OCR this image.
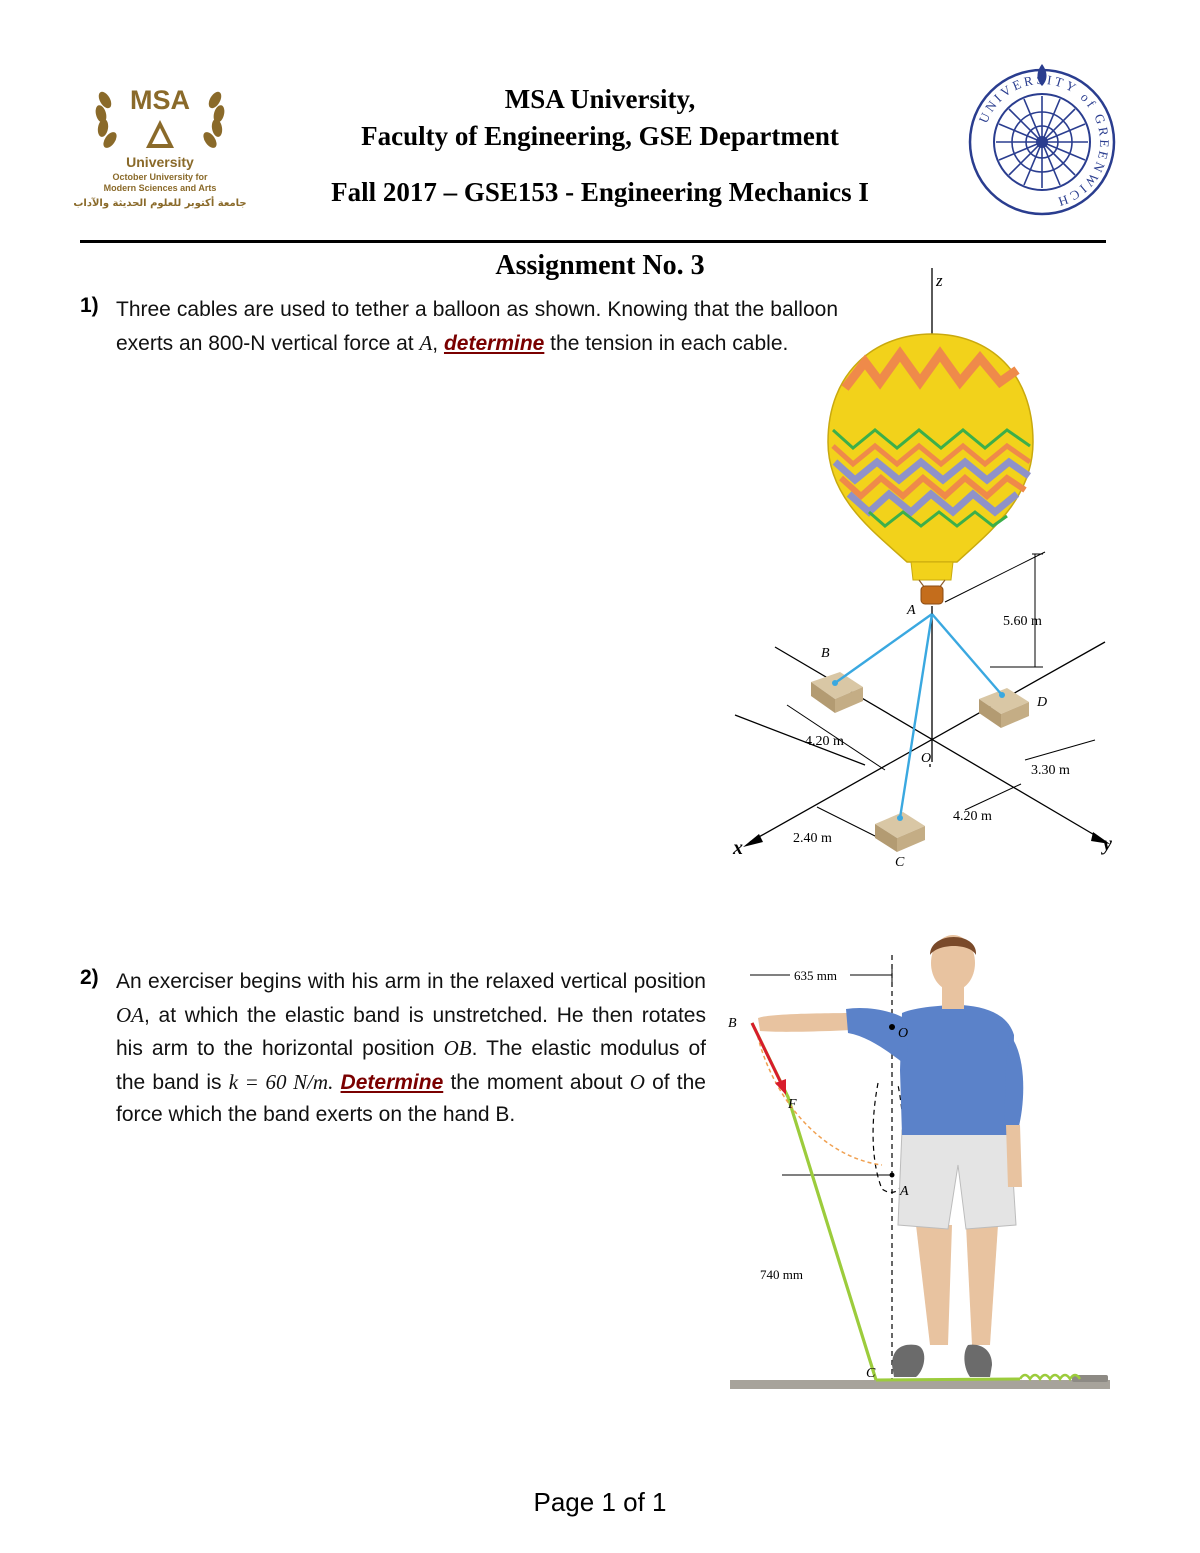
MSA
University
October University for
Modern Sciences and Arts
جامعة أكتوبر للعلوم الحديثة والآداب
MSA University,
Faculty of Engineering, GSE Department
Fall 2017 – GSE153 - Engineering Mechanics I
UNIVERSITY of GREENWICH
Assignment No. 3
1) Three cables are used to tether a balloon as shown. Knowing that the balloon exerts an 800-N vertical force at A, determine the tension in each cable.
z
x	y
5.60 m
4.20 m
3.30 m
4.20 m
2.40 m
A
B
D
O
C
2) An exerciser begins with his arm in the relaxed vertical position OA, at which the elastic band is unstretched. He then rotates his arm to the horizontal position OB. The elastic modulus of the band is k = 60 N/m. Determine the moment about O of the force which the band exerts on the hand B.
635 mm
B
O
F
A
740 mm
C
Page 1 of 1
